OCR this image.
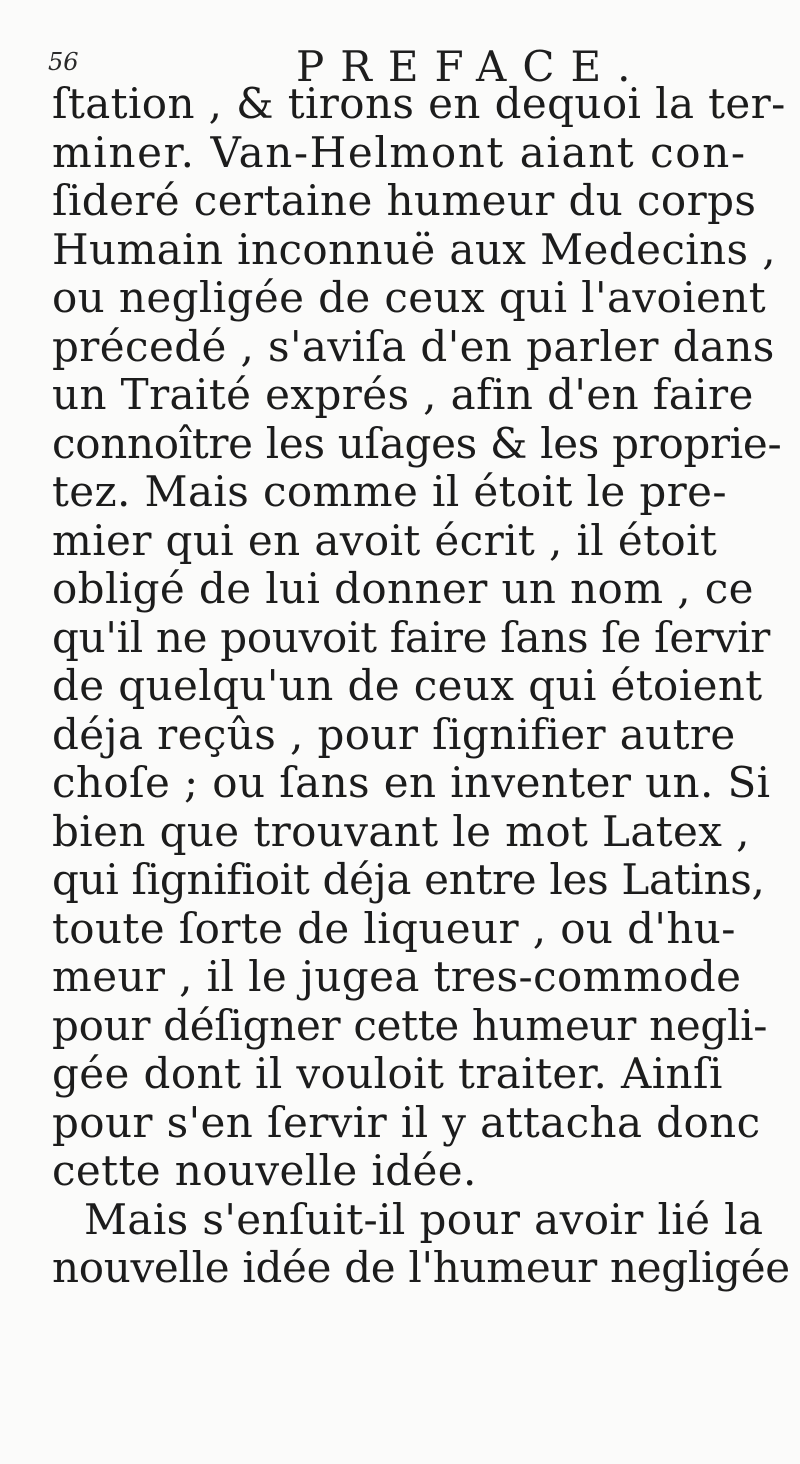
56	PREFACE.
ſtation , & tirons en dequoi la ter-
miner. Van-Helmont aiant con-
ſideré certaine humeur du corps
Humain inconnuë aux Medecins ,
ou negligée de ceux qui l'avoient
précedé , s'aviſa d'en parler dans
un Traité exprés , afin d'en faire
connoître les uſages & les proprie-
tez. Mais comme il étoit le pre-
mier qui en avoit écrit , il étoit
obligé de lui donner un nom , ce
qu'il ne pouvoit faire ſans ſe ſervir
de quelqu'un de ceux qui étoient
déja reçûs , pour ſignifier autre
choſe ; ou ſans en inventer un. Si
bien que trouvant le mot Latex ,
qui ſignifioit déja entre les Latins,
toute ſorte de liqueur , ou d'hu-
meur , il le jugea tres-commode
pour déſigner cette humeur negli-
gée dont il vouloit traiter. Ainſi
pour s'en ſervir il y attacha donc
cette nouvelle idée.
Mais s'enſuit-il pour avoir lié la
nouvelle idée de l'humeur negligée
